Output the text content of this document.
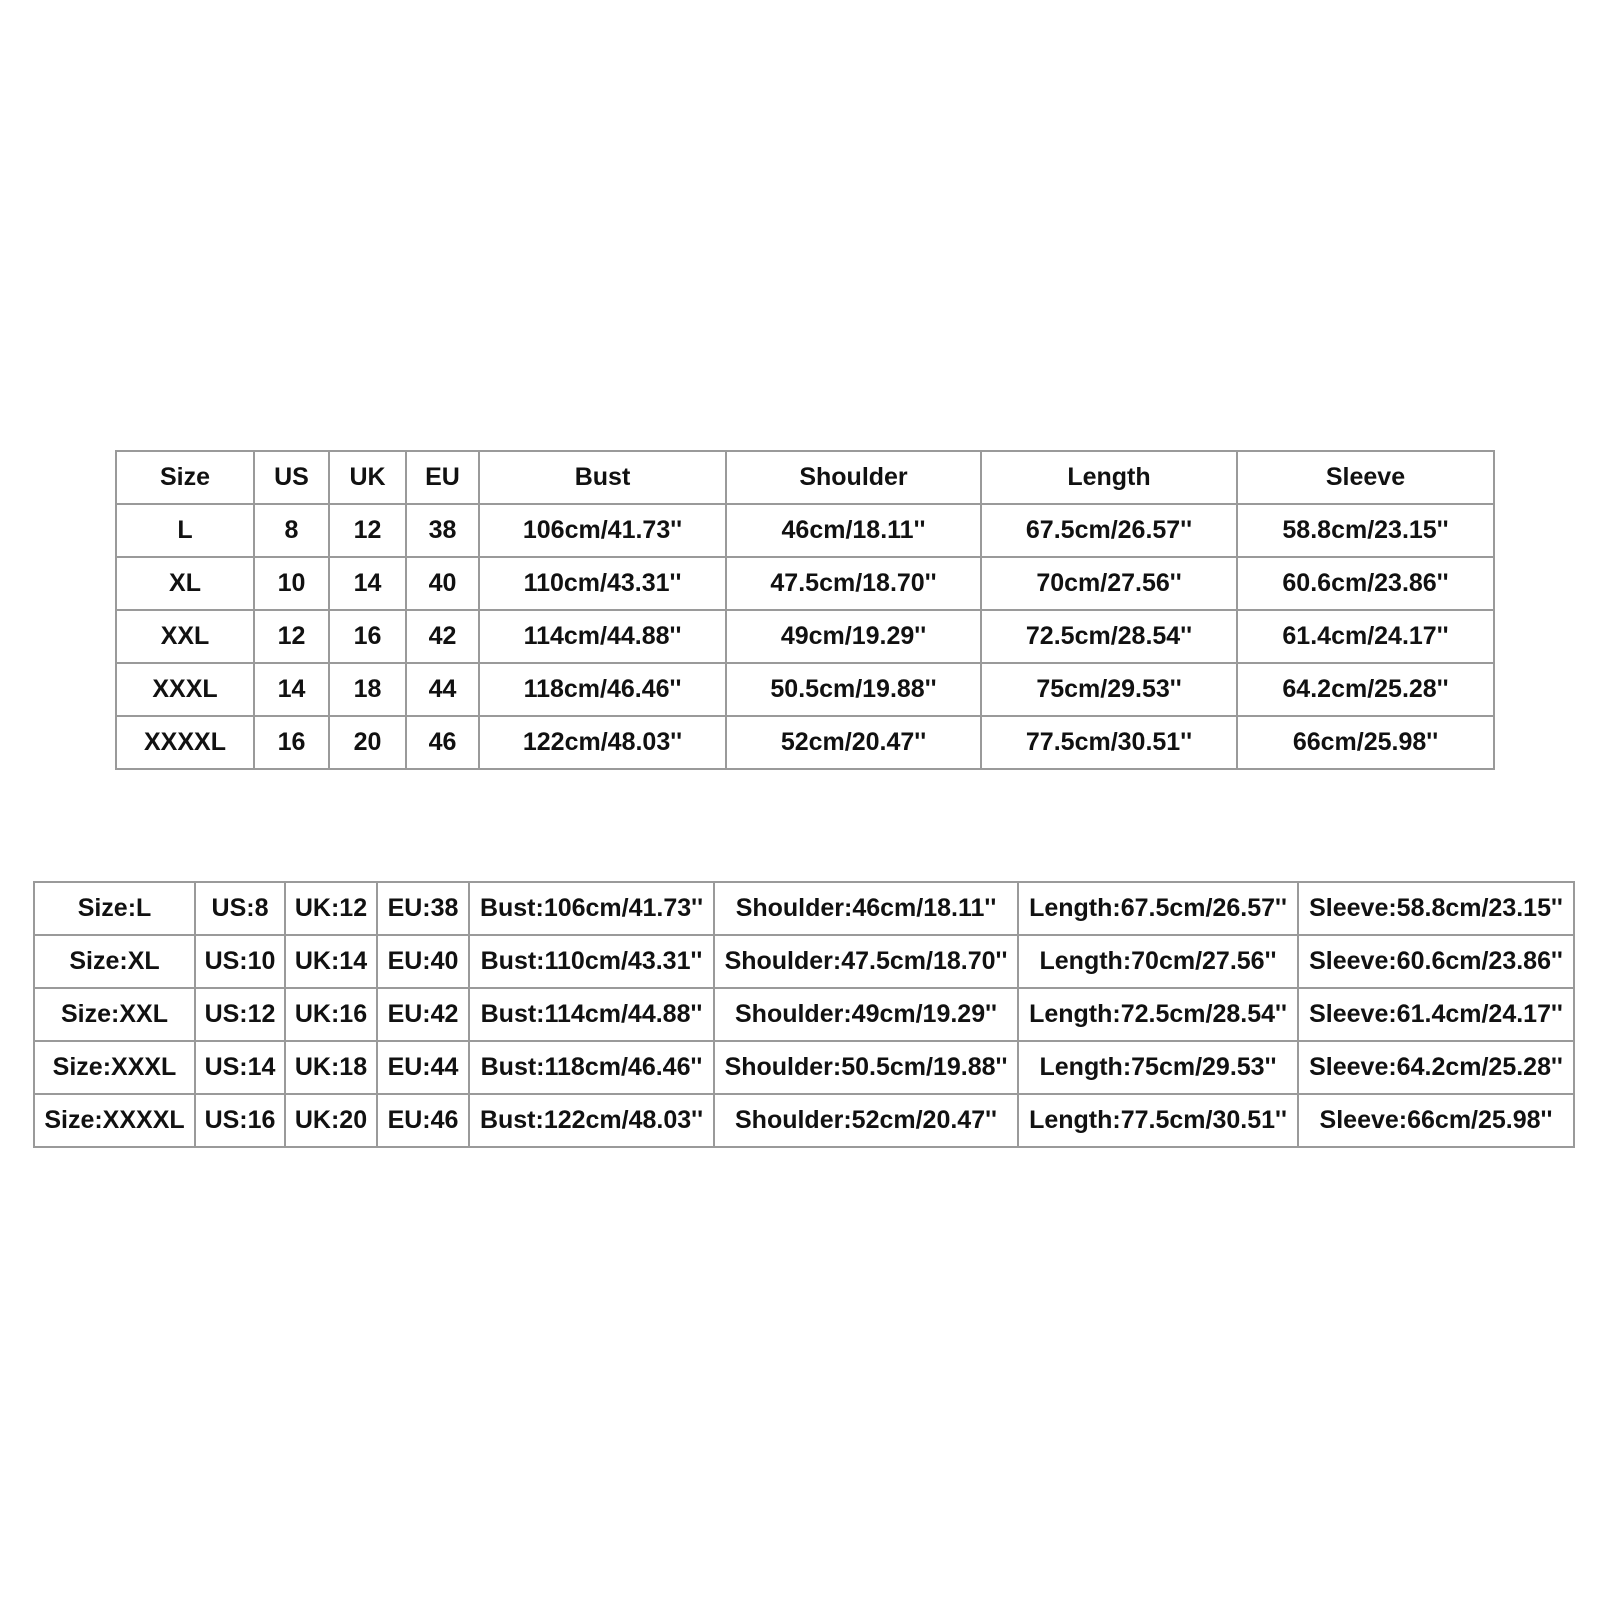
Size	US	UK	EU	Bust	Shoulder	Length	Sleeve
L	8	12	38	106cm/41.73''	46cm/18.11''	67.5cm/26.57''	58.8cm/23.15''
XL	10	14	40	110cm/43.31''	47.5cm/18.70''	70cm/27.56''	60.6cm/23.86''
XXL	12	16	42	114cm/44.88''	49cm/19.29''	72.5cm/28.54''	61.4cm/24.17''
XXXL	14	18	44	118cm/46.46''	50.5cm/19.88''	75cm/29.53''	64.2cm/25.28''
XXXXL	16	20	46	122cm/48.03''	52cm/20.47''	77.5cm/30.51''	66cm/25.98''
Size:L	US:8	UK:12	EU:38	Bust:106cm/41.73''	Shoulder:46cm/18.11''	Length:67.5cm/26.57''	Sleeve:58.8cm/23.15''
Size:XL	US:10	UK:14	EU:40	Bust:110cm/43.31''	Shoulder:47.5cm/18.70''	Length:70cm/27.56''	Sleeve:60.6cm/23.86''
Size:XXL	US:12	UK:16	EU:42	Bust:114cm/44.88''	Shoulder:49cm/19.29''	Length:72.5cm/28.54''	Sleeve:61.4cm/24.17''
Size:XXXL	US:14	UK:18	EU:44	Bust:118cm/46.46''	Shoulder:50.5cm/19.88''	Length:75cm/29.53''	Sleeve:64.2cm/25.28''
Size:XXXXL	US:16	UK:20	EU:46	Bust:122cm/48.03''	Shoulder:52cm/20.47''	Length:77.5cm/30.51''	Sleeve:66cm/25.98''
